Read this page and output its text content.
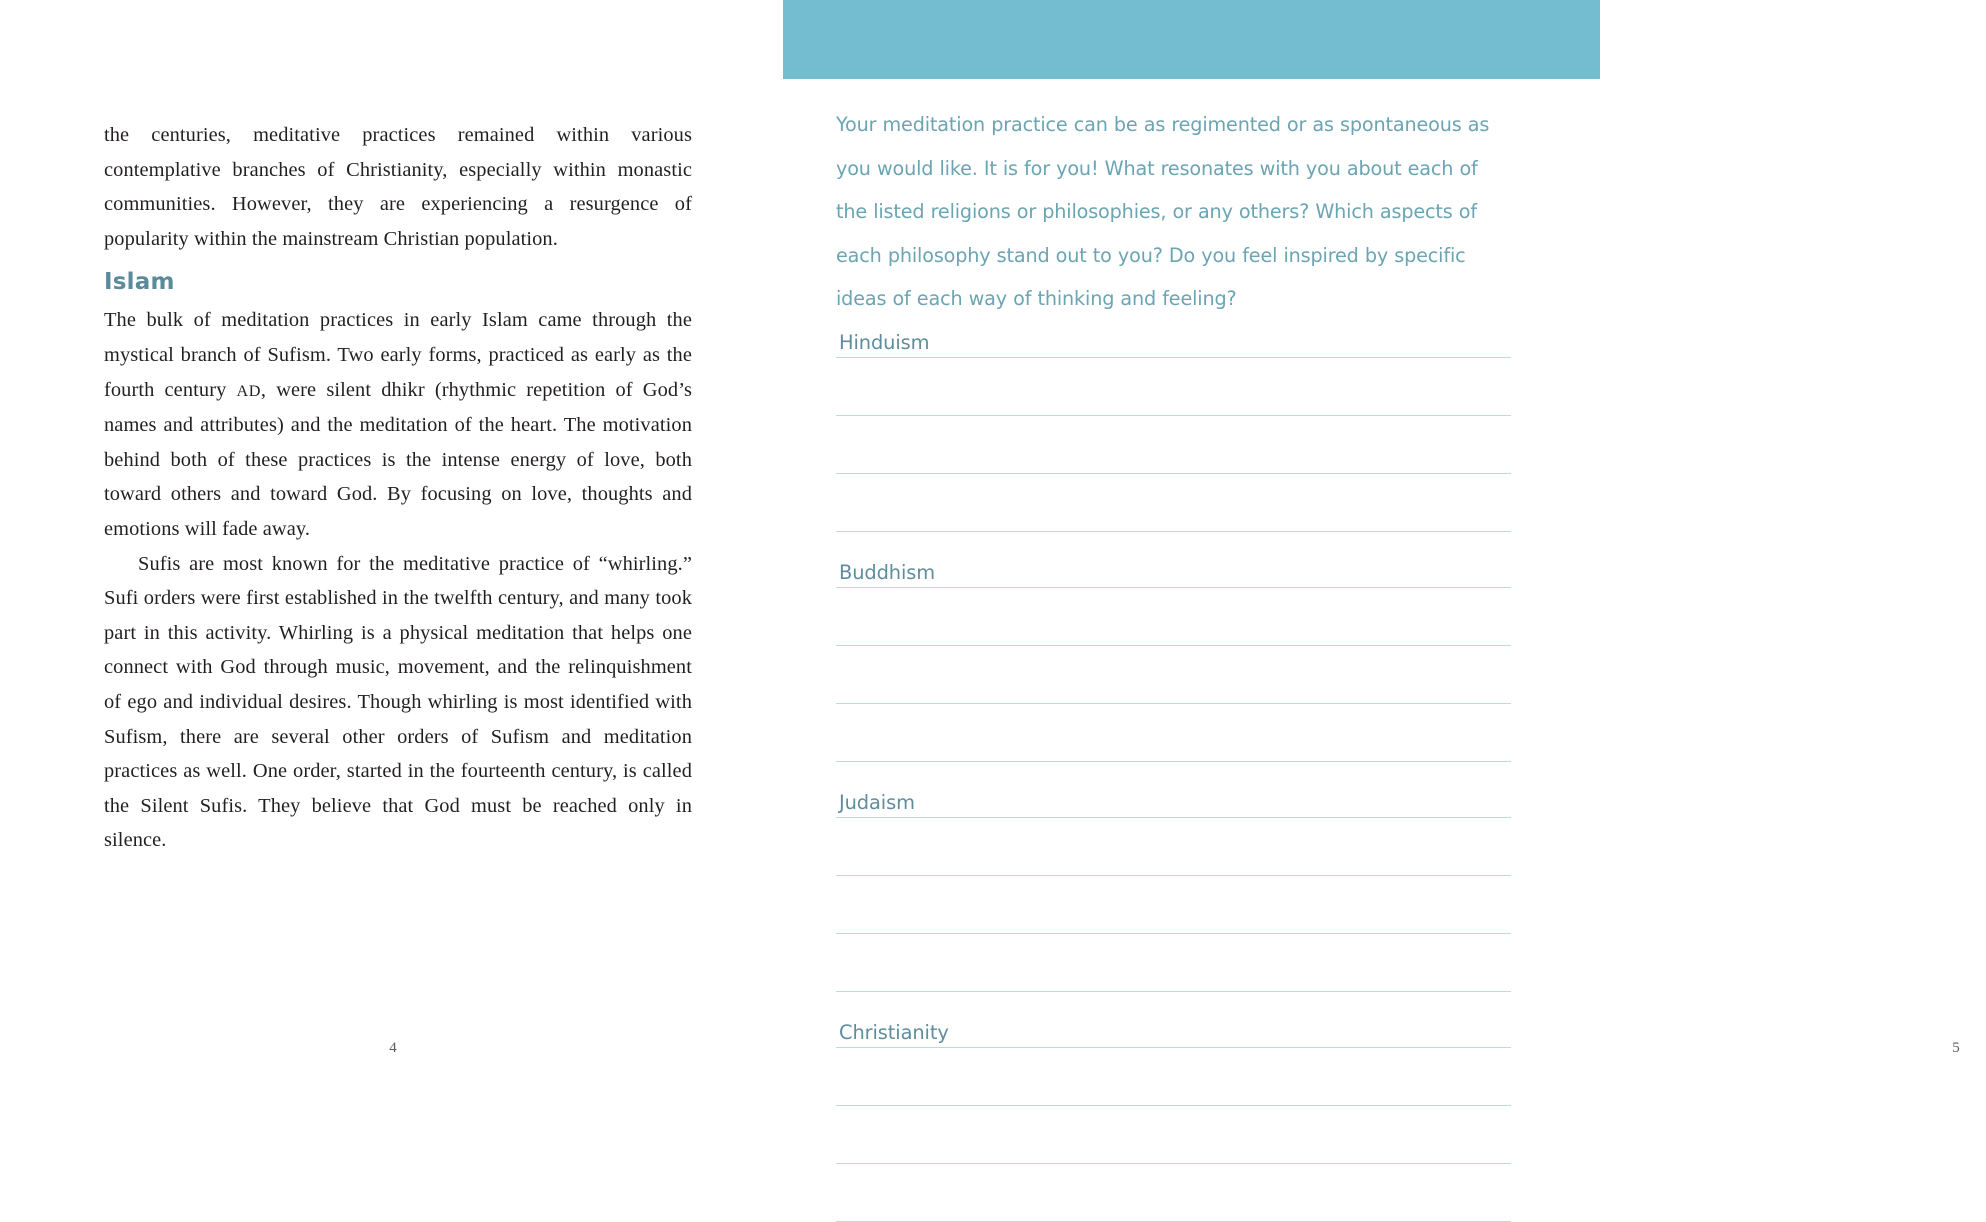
the centuries, meditative practices remained within various contemplative branches of Christianity, especially within monastic communities. However, they are experiencing a resurgence of popularity within the mainstream Christian population.

Islam

The bulk of meditation practices in early Islam came through the mystical branch of Sufism. Two early forms, practiced as early as the fourth century AD, were silent dhikr (rhythmic repetition of God’s names and attributes) and the meditation of the heart. The motivation behind both of these practices is the intense energy of love, both toward others and toward God. By focusing on love, thoughts and emotions will fade away.

Sufis are most known for the meditative practice of “whirling.” Sufi orders were first established in the twelfth century, and many took part in this activity. Whirling is a physical meditation that helps one connect with God through music, movement, and the relinquishment of ego and individual desires. Though whirling is most identified with Sufism, there are several other orders of Sufism and meditation practices as well. One order, started in the fourteenth century, is called the Silent Sufis. They believe that God must be reached only in silence.

4

Your meditation practice can be as regimented or as spontaneous as you would like. It is for you! What resonates with you about each of the listed religions or philosophies, or any others? Which aspects of each philosophy stand out to you? Do you feel inspired by specific ideas of each way of thinking and feeling?

Hinduism
Buddhism
Judaism
Christianity
5
